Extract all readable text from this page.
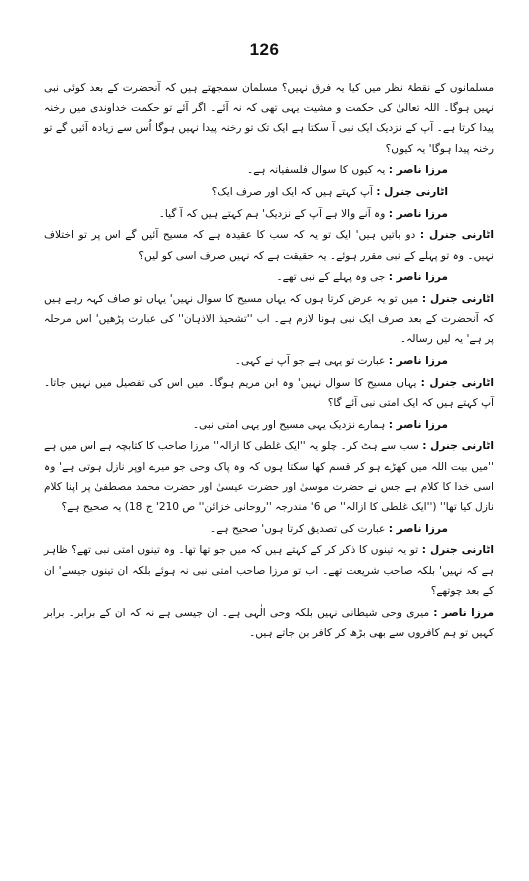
126

مسلمانوں کے نقطۂ نظر میں کیا یہ فرق نہیں؟ مسلمان سمجھتے ہیں کہ آنحضرت کے بعد کوئی نبی نہیں ہوگا۔ اللہ تعالیٰ کی حکمت و مشیت یہی تھی کہ نہ آئے۔ اگر آئے تو حکمت خداوندی میں رخنہ پیدا کرتا ہے۔ آپ کے نزدیک ایک نبی آ سکتا ہے ایک تک تو رخنہ پیدا نہیں ہوگا اُس سے زیادہ آئیں گے تو رخنہ پیدا ہوگا' یہ کیوں؟

مرزا ناصر : یہ کیوں کا سوال فلسفیانہ ہے۔

اٹارنی جنرل : آپ کہتے ہیں کہ ایک اور صرف ایک؟

مرزا ناصر : وہ آنے والا ہے آپ کے نزدیک' ہم کہتے ہیں کہ آ گیا۔

اٹارنی جنرل : دو باتیں ہیں' ایک تو یہ کہ سب کا عقیدہ ہے کہ مسیح آئیں گے اس پر تو اختلاف نہیں۔ وہ تو پہلے کے نبی مقرر ہوئے۔ یہ حقیقت ہے کہ نہیں صرف اسی کو لیں؟

مرزا ناصر : جی وہ پہلے کے نبی تھے۔

اٹارنی جنرل : میں تو یہ عرض کرتا ہوں کہ یہاں مسیح کا سوال نہیں' یہاں تو صاف کہہ رہے ہیں کہ آنحضرت کے بعد صرف ایک نبی ہونا لازم ہے۔ اب ''تشحیذ الاذہان'' کی عبارت پڑھیں' اس مرحلہ پر ہے' یہ لیں رسالہ۔

مرزا ناصر : عبارت تو یہی ہے جو آپ نے کہی۔

اٹارنی جنرل : یہاں مسیح کا سوال نہیں' وہ ابن مریم ہوگا۔ میں اس کی تفصیل میں نہیں جاتا۔ آپ کہتے ہیں کہ ایک امتی نبی آئے گا؟

مرزا ناصر : ہمارے نزدیک یہی مسیح اور یہی امتی نبی۔

اٹارنی جنرل : سب سے ہٹ کر۔ چلو یہ ''ایک غلطی کا ازالہ'' مرزا صاحب کا کتابچہ ہے اس میں ہے ''میں بیت اللہ میں کھڑے ہو کر قسم کھا سکتا ہوں کہ وہ پاک وحی جو میرے اوپر نازل ہوتی ہے' وہ اسی خدا کا کلام ہے جس نے حضرت موسیٰ اور حضرت عیسیٰ اور حضرت محمد مصطفیٰ پر اپنا کلام نازل کیا تھا'' (''ایک غلطی کا ازالہ'' ص 6' مندرجہ ''روحانی خزائن'' ص 210' ج 18) یہ صحیح ہے؟

مرزا ناصر : عبارت کی تصدیق کرتا ہوں' صحیح ہے۔

اٹارنی جنرل : تو یہ تینوں کا ذکر کر کے کہتے ہیں کہ میں جو تھا تھا۔ وہ تینوں امتی نبی تھے؟ ظاہر ہے کہ نہیں' بلکہ صاحب شریعت تھے۔ اب تو مرزا صاحب امتی نبی نہ ہوئے بلکہ ان تینوں جیسے' ان کے بعد چوتھے؟

مرزا ناصر : میری وحی شیطانی نہیں بلکہ وحی الٰہی ہے۔ ان جیسی ہے نہ کہ ان کے برابر۔ برابر کہیں تو ہم کافروں سے بھی بڑھ کر کافر بن جاتے ہیں۔
